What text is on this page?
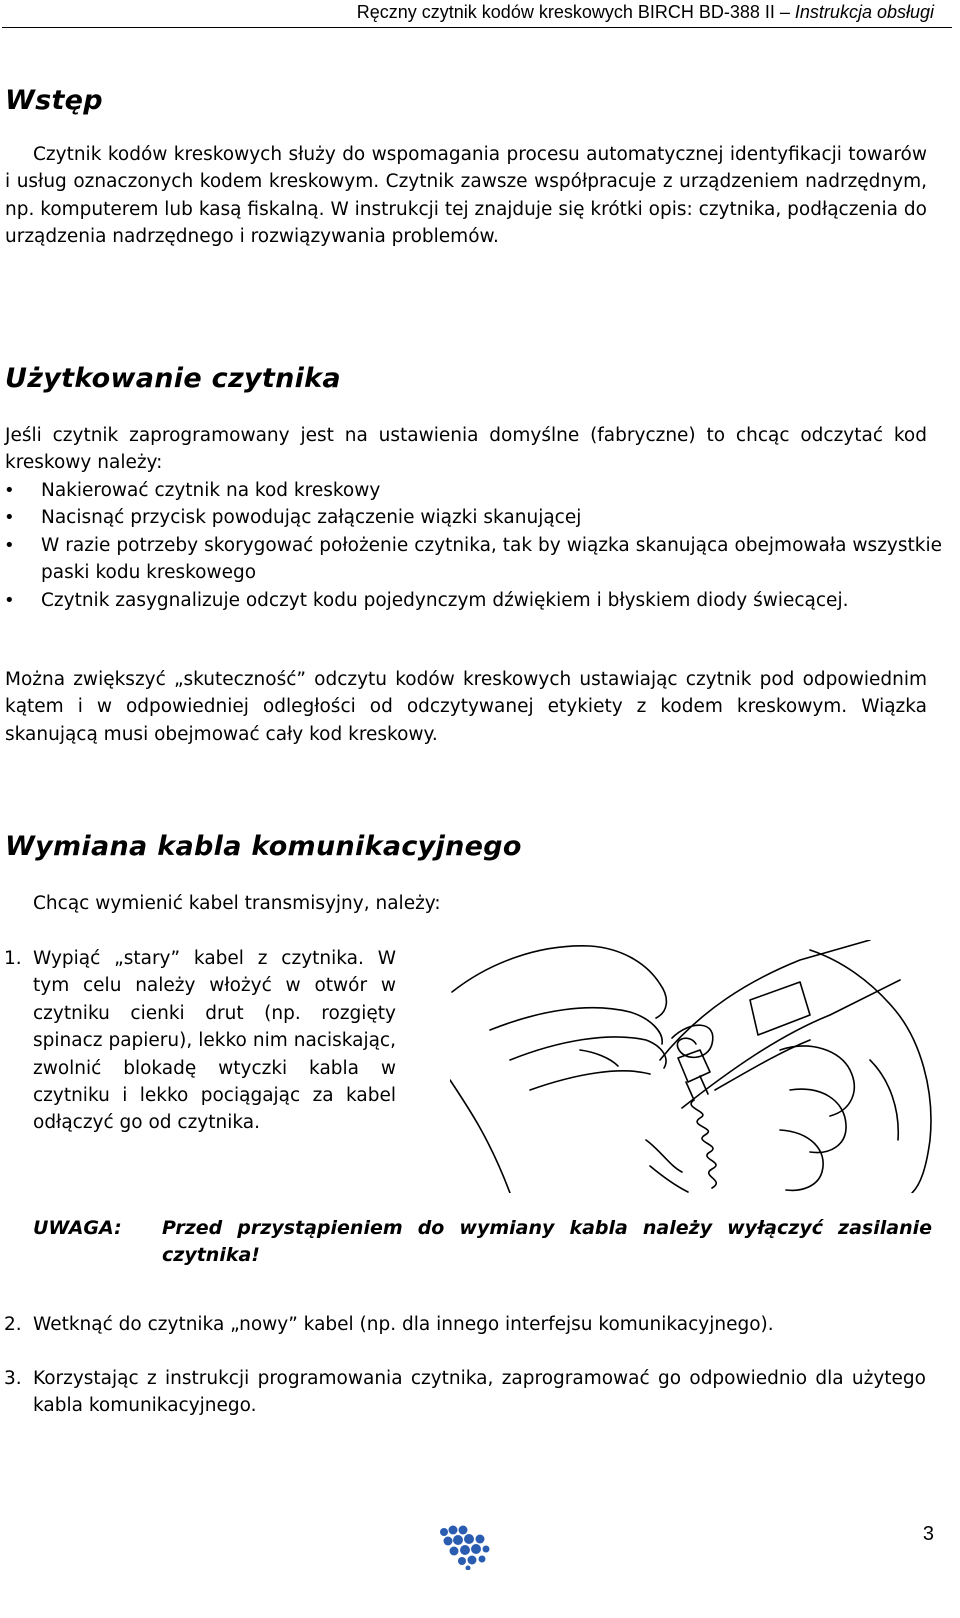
Ręczny czytnik kodów kreskowych BIRCH BD-388 II – Instrukcja obsługi
Wstęp

Czytnik kodów kreskowych służy do wspomagania procesu automatycznej identyfikacji towarów i usług oznaczonych kodem kreskowym. Czytnik zawsze współpracuje z urządzeniem nadrzędnym, np. komputerem lub kasą fiskalną. W instrukcji tej znajduje się krótki opis: czytnika, podłączenia do urządzenia nadrzędnego i rozwiązywania problemów.

Użytkowanie czytnika

Jeśli czytnik zaprogramowany jest na ustawienia domyślne (fabryczne) to chcąc odczytać kod kreskowy należy:

• Nakierować czytnik na kod kreskowy
• Nacisnąć przycisk powodując załączenie wiązki skanującej
• W razie potrzeby skorygować położenie czytnika, tak by wiązka skanująca obejmowała wszystkie paski kodu kreskowego
• Czytnik zasygnalizuje odczyt kodu pojedynczym dźwiękiem i błyskiem diody świecącej.

Można zwiększyć „skuteczność” odczytu kodów kreskowych ustawiając czytnik pod odpowiednim kątem i w odpowiedniej odległości od odczytywanej etykiety z kodem kreskowym. Wiązka skanującą musi obejmować cały kod kreskowy.

Wymiana kabla komunikacyjnego

Chcąc wymienić kabel transmisyjny, należy:

1. Wypiąć „stary” kabel z czytnika. W tym celu należy włożyć w otwór w czytniku cienki drut (np. rozgięty spinacz papieru), lekko nim naciskając, zwolnić blokadę wtyczki kabla w czytniku i lekko pociągając za kabel odłączyć go od czytnika.
UWAGA: Przed przystąpieniem do wymiany kabla należy wyłączyć zasilanie czytnika!
2. Wetknąć do czytnika „nowy” kabel (np. dla innego interfejsu komunikacyjnego).
3. Korzystając z instrukcji programowania czytnika, zaprogramować go odpowiednio dla użytego kabla komunikacyjnego.
3
